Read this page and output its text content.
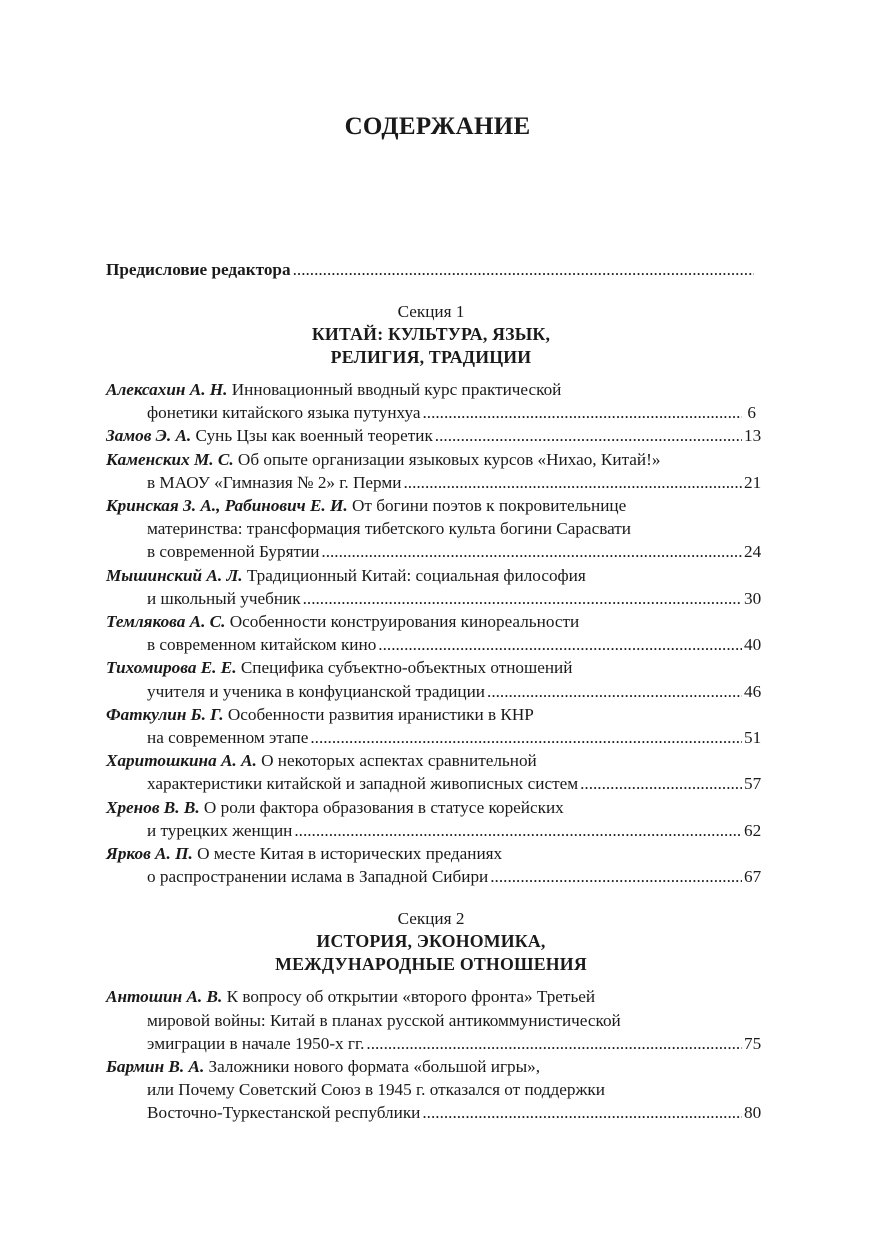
СОДЕРЖАНИЕ
Предисловие редактора
.....
Секция 1
КИТАЙ: КУЛЬТУРА, ЯЗЫК,
РЕЛИГИЯ, ТРАДИЦИИ
Алексахин А. Н. Инновационный вводный курс практической
фонетики китайского языка путунхуа .....	6
Замов Э. А.
Сунь Цзы как военный теоретик .....	13
Каменских М. С. Об опыте организации языковых курсов «Нихао, Китай!»
в МАОУ «Гимназия № 2» г. Перми .....	21
Кринская З. А., Рабинович Е. И. От богини поэтов к покровительнице
материнства: трансформация тибетского культа богини Сарасвати
в современной Бурятии .....	24
Мышинский А. Л. Традиционный Китай: социальная философия
и школьный учебник .....	30
Темлякова А. С. Особенности конструирования кинореальности
в современном китайском кино .....	40
Тихомирова Е. Е. Специфика субъектно-объектных отношений
учителя и ученика в конфуцианской традиции .....	46
Фаткулин Б. Г. Особенности развития иранистики в КНР
на современном этапе .....	51
Харитошкина А. А. О некоторых аспектах сравнительной
характеристики китайской и западной живописных систем .....	57
Хренов В. В. О роли фактора образования в статусе корейских
и турецких женщин .....	62
Ярков А. П. О месте Китая в исторических преданиях
о распространении ислама в Западной Сибири .....	67
Секция 2
ИСТОРИЯ, ЭКОНОМИКА,
МЕЖДУНАРОДНЫЕ ОТНОШЕНИЯ
Антошин А. В. К вопросу об открытии «второго фронта» Третьей
мировой войны: Китай в планах русской антикоммунистической
эмиграции в начале 1950-х гг. .....	75
Бармин В. А. Заложники нового формата «большой игры»,
или Почему Советский Союз в 1945 г. отказался от поддержки
Восточно-Туркестанской республики .....	80
